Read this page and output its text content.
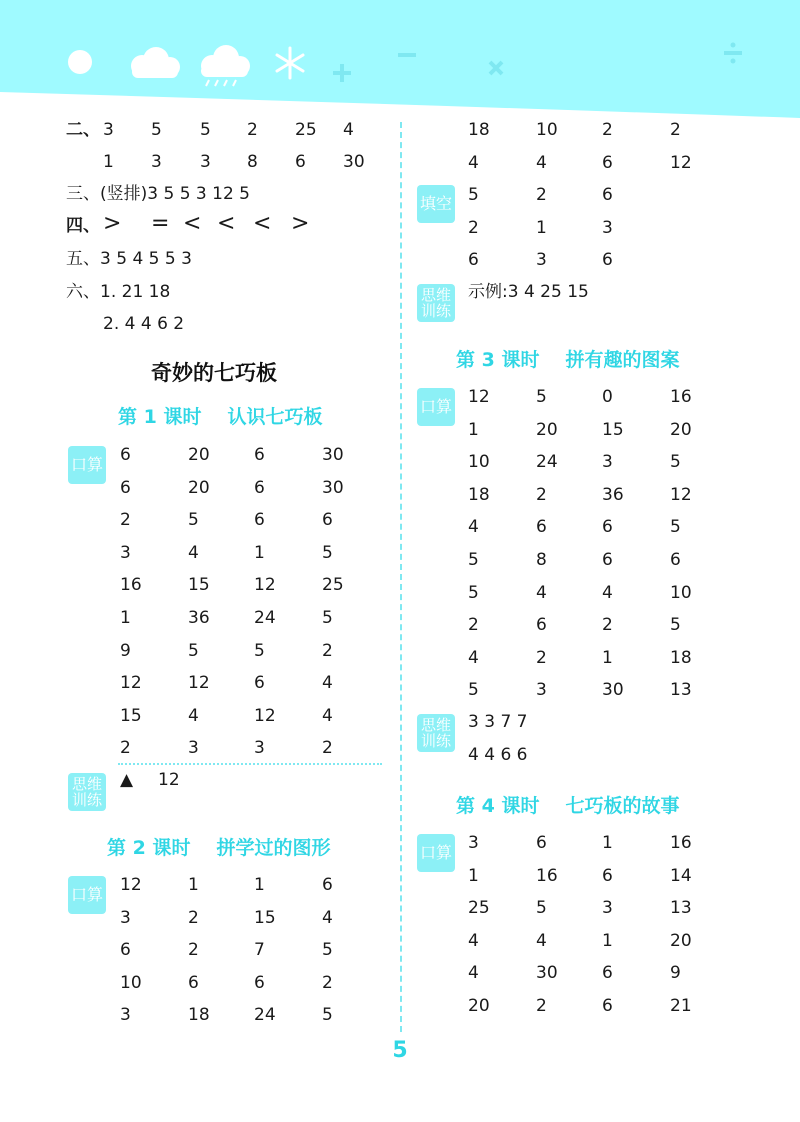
二、 3 5 5 2 25 4
1 3 3 8 6 30
三、(竖排)3 5 5 3 12 5
四、 > = < < < >
五、3 5 4 5 5 3
六、1. 21 18
2. 4 4 6 2
奇妙的七巧板
第 1 课时 认识七巧板
口算 6	20	6	30
6	20	6	30
2	5	6	6
3	4	1	5
16	15	12	25
1	36	24	5
9	5	5	2
12	12	6	4
15	4	12	4
2	3	3	2
思维
训练
▲ 12
第 2 课时 拼学过的图形
口算 12	1	1	6
3	2	15	4
6	2	7	5
10	6	6	2
3	18	24	5
18	10	2	2
4	4	6	12
填空 5	2	6
2	1	3
6	3	6
思维
训练
示例:3 4 25 15
第 3 课时 拼有趣的图案
口算 12	5	0	16
1	20	15	20
10	24	3	5
18	2	36	12
4	6	6	5
5	8	6	6
5	4	4	10
2	6	2	5
4	2	1	18
5	3	30	13
思维
训练
3 3 7 7
4 4 6 6
第 4 课时 七巧板的故事
口算 3	6	1	16
1	16	6	14
25	5	3	13
4	4	1	20
4	30	6	9
20	2	6	21
5
